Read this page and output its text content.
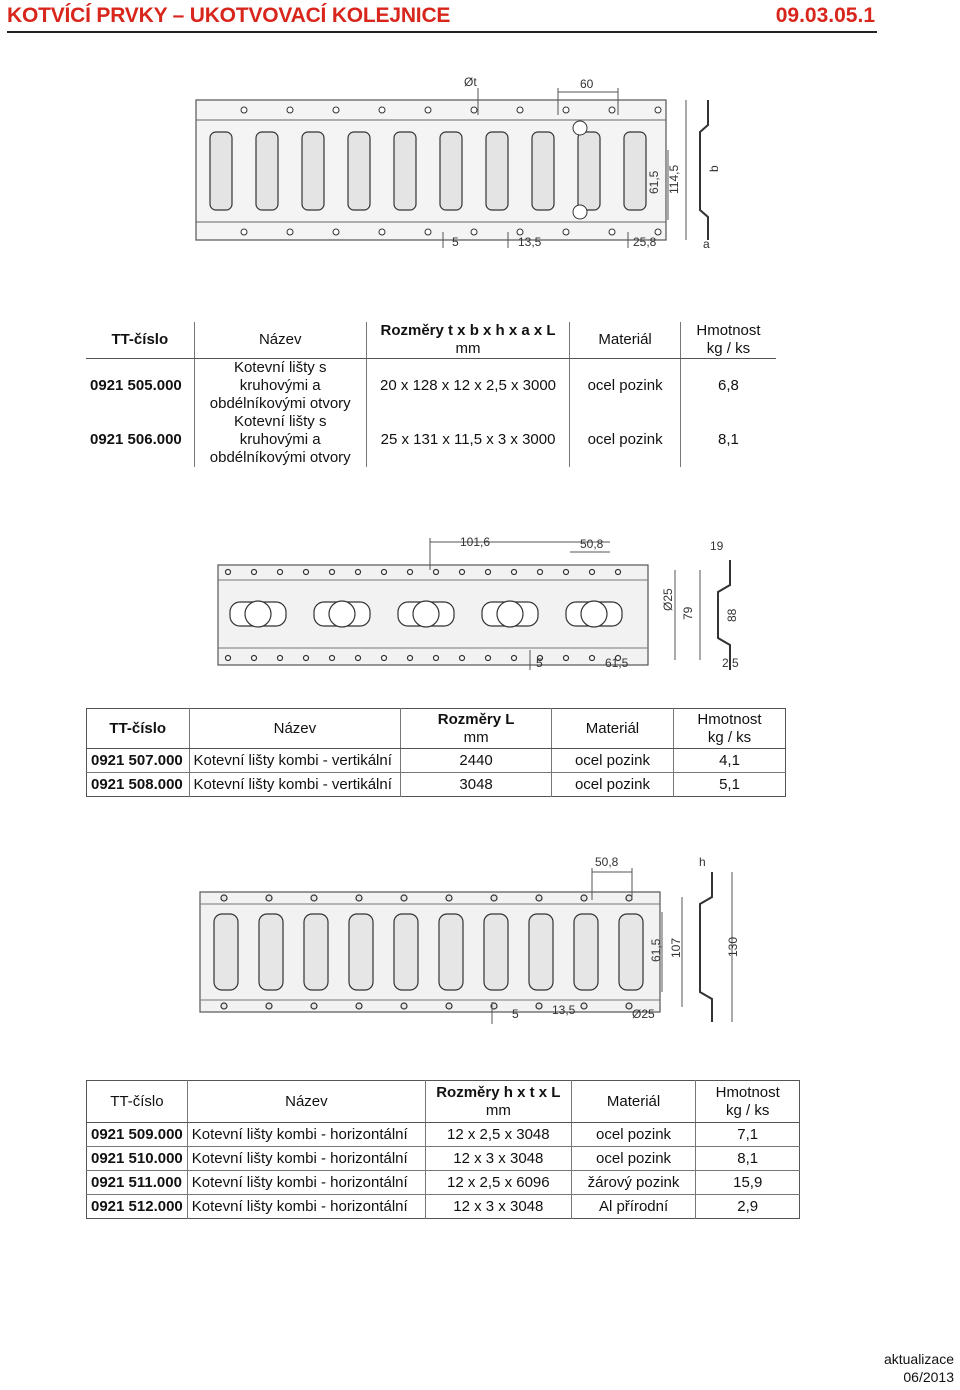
KOTVÍCÍ PRVKY – UKOTVOVACÍ KOLEJNICE	09.03.05.1
Øt	60
61,5 114,5 b
5	13,5	25,8	a
TT-číslo	Název	Rozměry t x b x h x a x L
mm	Materiál	Hmotnost
kg / ks
0921 505.000	Kotevní lišty s kruhovými a
obdélníkovými otvory	20 x 128 x 12 x 2,5 x 3000	ocel pozink	6,8
0921 506.000	Kotevní lišty s kruhovými a
obdélníkovými otvory	25 x 131 x 11,5 x 3 x 3000	ocel pozink	8,1
101,6	50,8	19
Ø25
79	88
5	61,5	2,5
TT-číslo	Název	Rozměry L
mm	Materiál	Hmotnost
kg / ks
0921 507.000	Kotevní lišty kombi - vertikální	2440	ocel pozink	4,1
0921 508.000	Kotevní lišty kombi - vertikální	3048	ocel pozink	5,1
50,8	h
61,5 107	130
5	13,5	Ø25
TT-číslo	Název	Rozměry h x t x L
mm	Materiál	Hmotnost
kg / ks
0921 509.000	Kotevní lišty kombi - horizontální	12 x 2,5 x 3048	ocel pozink	7,1
0921 510.000	Kotevní lišty kombi - horizontální	12 x 3 x 3048	ocel pozink	8,1
0921 511.000	Kotevní lišty kombi - horizontální	12 x 2,5 x 6096	žárový pozink	15,9
0921 512.000	Kotevní lišty kombi - horizontální	12 x 3 x 3048	Al přírodní	2,9
aktualizace
06/2013
